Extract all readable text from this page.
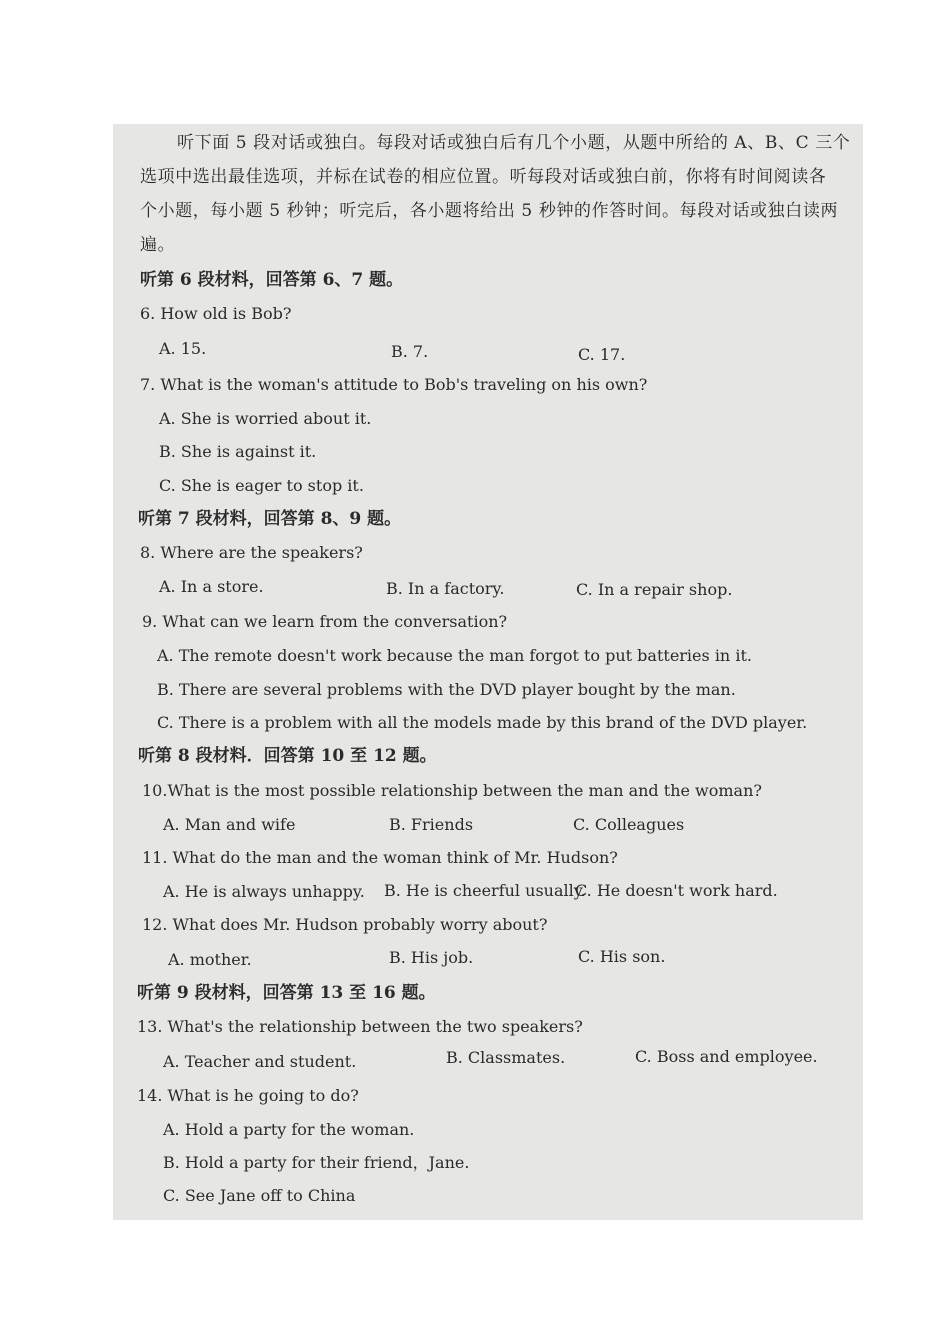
听下面 5 段对话或独白。每段对话或独白后有几个小题，从题中所给的 A、B、C 三个
选项中选出最佳选项，并标在试卷的相应位置。听每段对话或独白前，你将有时间阅读各
个小题，每小题 5 秒钟；听完后，各小题将给出 5 秒钟的作答时间。每段对话或独白读两
遍。
听第 6 段材料，回答第 6、7 题。
6. How old is Bob?
A. 15.	B. 7.	C. 17.
7. What is the woman's attitude to Bob's traveling on his own?
A. She is worried about it.
B. She is against it.
C. She is eager to stop it.
听第 7 段材料，回答第 8、9 题。
8. Where are the speakers?
A. In a store.	B. In a factory.	C. In a repair shop.
9. What can we learn from the conversation?
A. The remote doesn't work because the man forgot to put batteries in it.
B. There are several problems with the DVD player bought by the man.
C. There is a problem with all the models made by this brand of the DVD player.
听第 8 段材料．回答第 10 至 12 题。
10.What is the most possible relationship between the man and the woman?
A. Man and wife	B. Friends	C. Colleagues
11. What do the man and the woman think of Mr. Hudson?
A. He is always unhappy. B. He is cheerful usually.
C. He doesn't work hard.
12. What does Mr. Hudson probably worry about?
A. mother.	B. His job.	C. His son.
听第 9 段材料，回答第 13 至 16 题。
13. What's the relationship between the two speakers?
A. Teacher and student.	B. Classmates.	C. Boss and employee.
14. What is he going to do?
A. Hold a party for the woman.
B. Hold a party for their friend，Jane.
C. See Jane off to China
